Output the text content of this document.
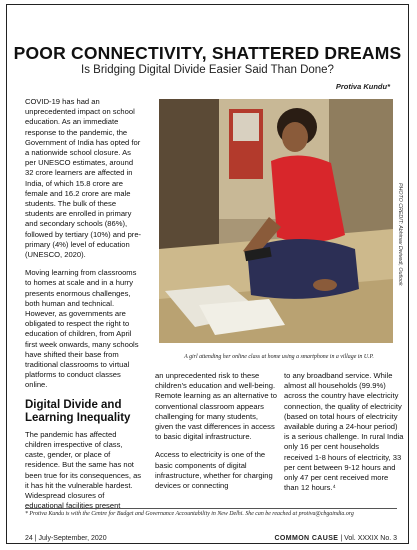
POOR CONNECTIVITY, SHATTERED DREAMS
Is Bridging Digital Divide Easier Said Than Done?
Protiva Kundu*

COVID-19 has had an unprecedented impact on school education. As an immediate response to the pandemic, the Government of India has opted for a nationwide school closure. As per UNESCO estimates, around 32 crore learners are affected in India, of which 15.8 crore are female and 16.2 crore are male students. The bulk of these students are enrolled in primary and secondary schools (86%), followed by tertiary (10%) and pre-primary (4%) level of education (UNESCO, 2020).

Moving learning from classrooms to homes at scale and in a hurry presents enormous challenges, both human and technical. However, as governments are obligated to respect the right to education of children, from April first week onwards, many schools have shifted their base from traditional classrooms to virtual platforms to conduct classes online.

Digital Divide and Learning Inequality

The pandemic has affected children irrespective of class, caste, gender, or place of residence. But the same has not been true for its consequences, as it has hit the vulnerable hardest. Widespread closures of educational facilities present

PHOTO CREDIT: Abhinav Dwivedi, Outlook
A girl attending her online class at home using a smartphone in a village in U.P.

an unprecedented risk to these children's education and well-being. Remote learning as an alternative to conventional classroom appears challenging for many students, given the vast differences in access to basic digital infrastructure.

Access to electricity is one of the basic components of digital infrastructure, whether for charging devices or connecting

to any broadband service. While almost all households (99.9%) across the country have electricity connection, the quality of electricity (based on total hours of electricity available during a 24-hour period) is a serious challenge. In rural India only 16 per cent households received 1-8 hours of electricity, 33 per cent between 9-12 hours and only 47 per cent received more than 12 hours.⁴

* Protiva Kundu is with the Centre for Budget and Governance Accountability in New Delhi. She can be reached at protiva@cbgaindia.org
24 | July-September, 2020	COMMON CAUSE | Vol. XXXIX No. 3
